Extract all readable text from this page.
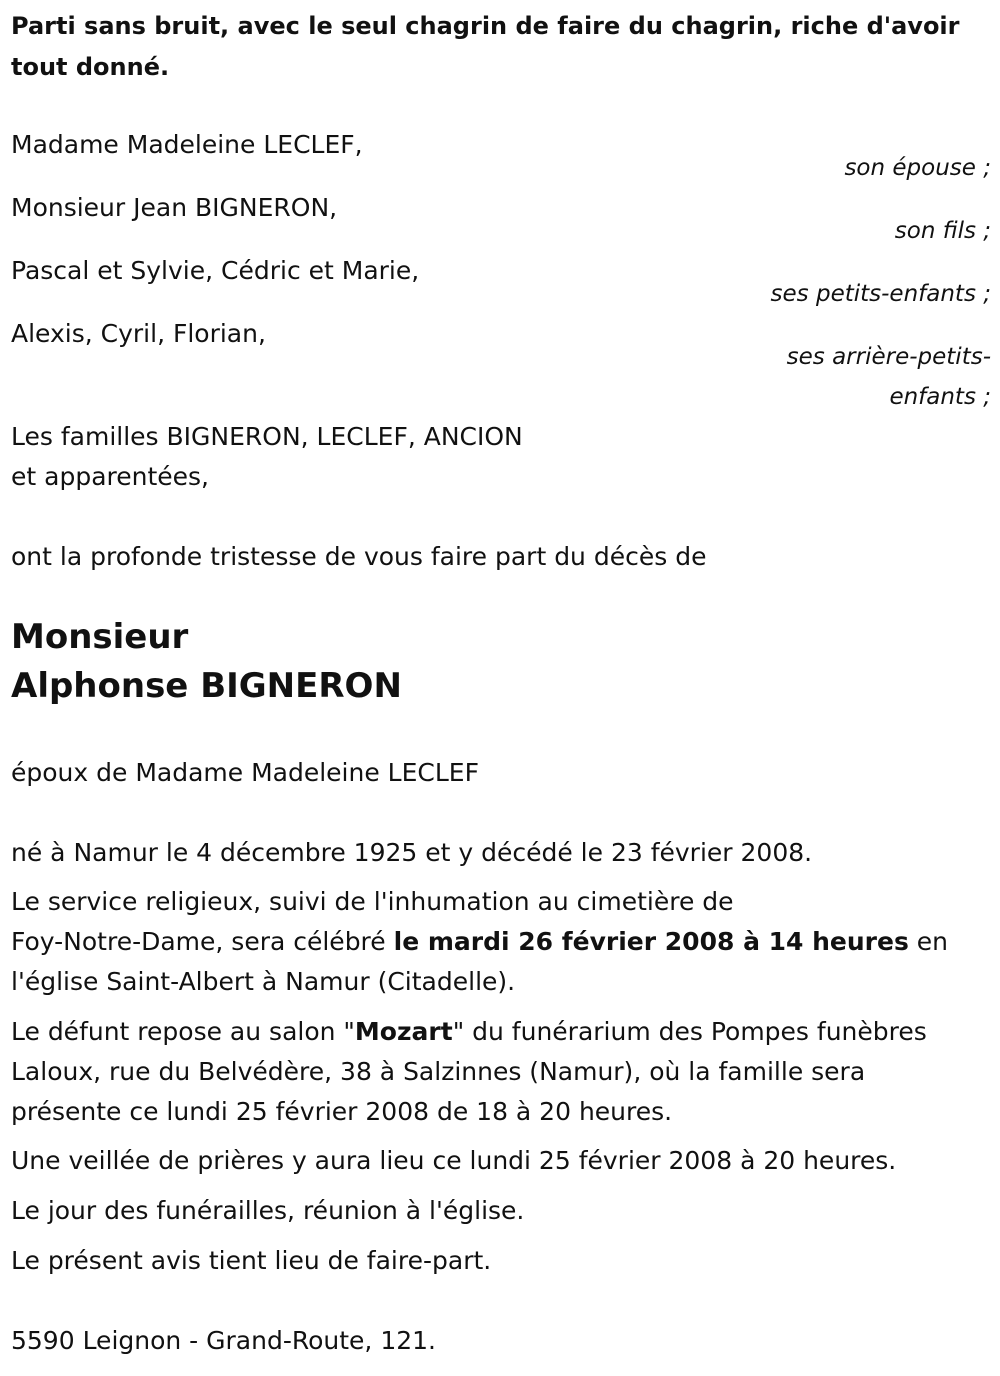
Parti sans bruit, avec le seul chagrin de faire du chagrin, riche d'avoir tout donné.

Madame Madeleine LECLEF,
son épouse ;
Monsieur Jean BIGNERON,
son fils ;
Pascal et Sylvie, Cédric et Marie,
ses petits-enfants ;
Alexis, Cyril, Florian,
ses arrière-petits-enfants ;
Les familles BIGNERON, LECLEF, ANCION
et apparentées,
ont la profonde tristesse de vous faire part du décès de
Monsieur
Alphonse BIGNERON
époux de Madame Madeleine LECLEF
né à Namur le 4 décembre 1925 et y décédé le 23 février 2008.
Le service religieux, suivi de l'inhumation au cimetière de
Foy-Notre-Dame, sera célébré le mardi 26 février 2008 à 14 heures en
l'église Saint-Albert à Namur (Citadelle).
Le défunt repose au salon "Mozart" du funérarium des Pompes funèbres
Laloux, rue du Belvédère, 38 à Salzinnes (Namur), où la famille sera
présente ce lundi 25 février 2008 de 18 à 20 heures.
Une veillée de prières y aura lieu ce lundi 25 février 2008 à 20 heures.
Le jour des funérailles, réunion à l'église.
Le présent avis tient lieu de faire-part.
5590 Leignon - Grand-Route, 121.
